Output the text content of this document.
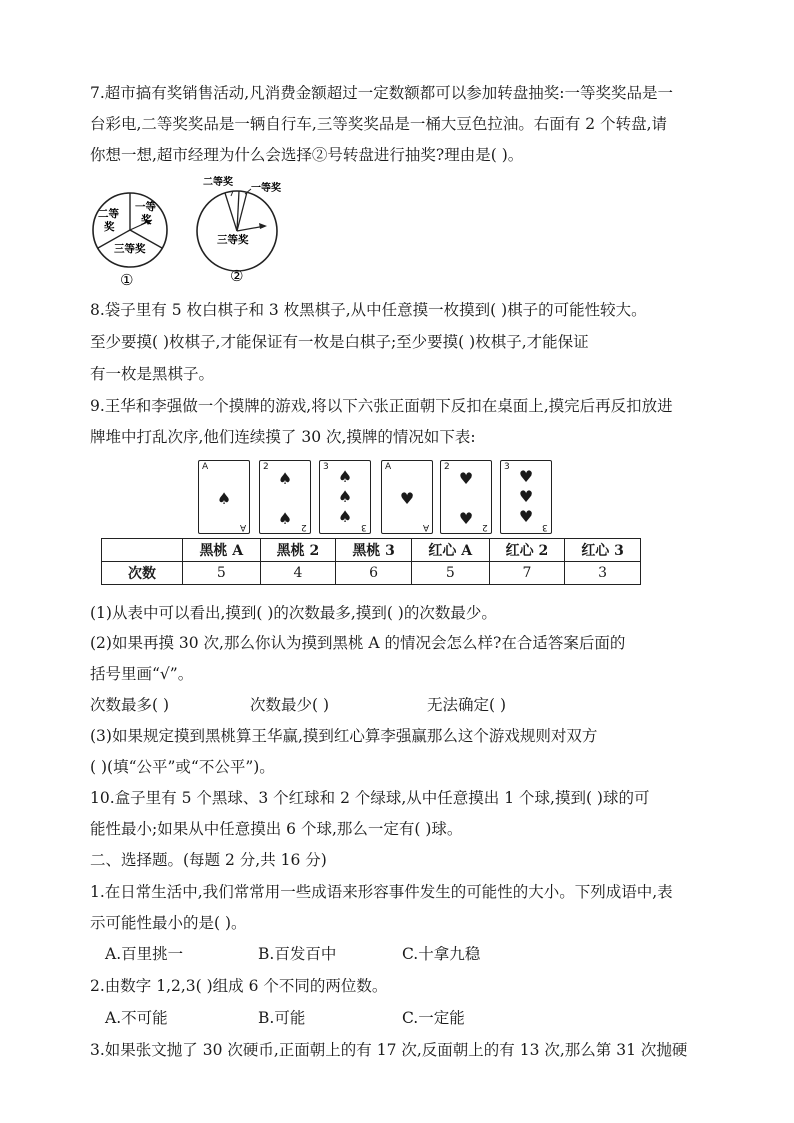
7.超市搞有奖销售活动,凡消费金额超过一定数额都可以参加转盘抽奖:一等奖奖品是一
台彩电,二等奖奖品是一辆自行车,三等奖奖品是一桶大豆色拉油。右面有 2 个转盘,请
你想一想,超市经理为什么会选择②号转盘进行抽奖?理由是( )。
二等奖
一等奖
三等奖
①
二等奖
一等奖
三等奖
②
8.袋子里有 5 枚白棋子和 3 枚黑棋子,从中任意摸一枚摸到( )棋子的可能性较大。
至少要摸( )枚棋子,才能保证有一枚是白棋子;至少要摸( )枚棋子,才能保证
有一枚是黑棋子。
9.王华和李强做一个摸牌的游戏,将以下六张正面朝下反扣在桌面上,摸完后再反扣放进
牌堆中打乱次序,他们连续摸了 30 次,摸牌的情况如下表:
A
A
♠
2
2
♠
♠
3
3
♠
♠
♠
A
A
♥
2
2
♥
♥
3
3
♥
♥
♥
	黑桃 A	黑桃 2	黑桃 3	红心 A	红心 2	红心 3
次数	5	4	6	5	7	3
(1)从表中可以看出,摸到( )的次数最多,摸到( )的次数最少。
(2)如果再摸 30 次,那么你认为摸到黑桃 A 的情况会怎么样?在合适答案后面的
括号里画“√”。
次数最多( )	次数最少( )	无法确定( )
(3)如果规定摸到黑桃算王华赢,摸到红心算李强赢那么这个游戏规则对双方
( )(填“公平”或“不公平”)。
10.盒子里有 5 个黑球、3 个红球和 2 个绿球,从中任意摸出 1 个球,摸到( )球的可
能性最小;如果从中任意摸出 6 个球,那么一定有( )球。
二、选择题。(每题 2 分,共 16 分)
1.在日常生活中,我们常常用一些成语来形容事件发生的可能性的大小。下列成语中,表
示可能性最小的是( )。
A.百里挑一	B.百发百中	C.十拿九稳
2.由数字 1,2,3( )组成 6 个不同的两位数。
A.不可能	B.可能	C.一定能
3.如果张文抛了 30 次硬币,正面朝上的有 17 次,反面朝上的有 13 次,那么第 31 次抛硬
